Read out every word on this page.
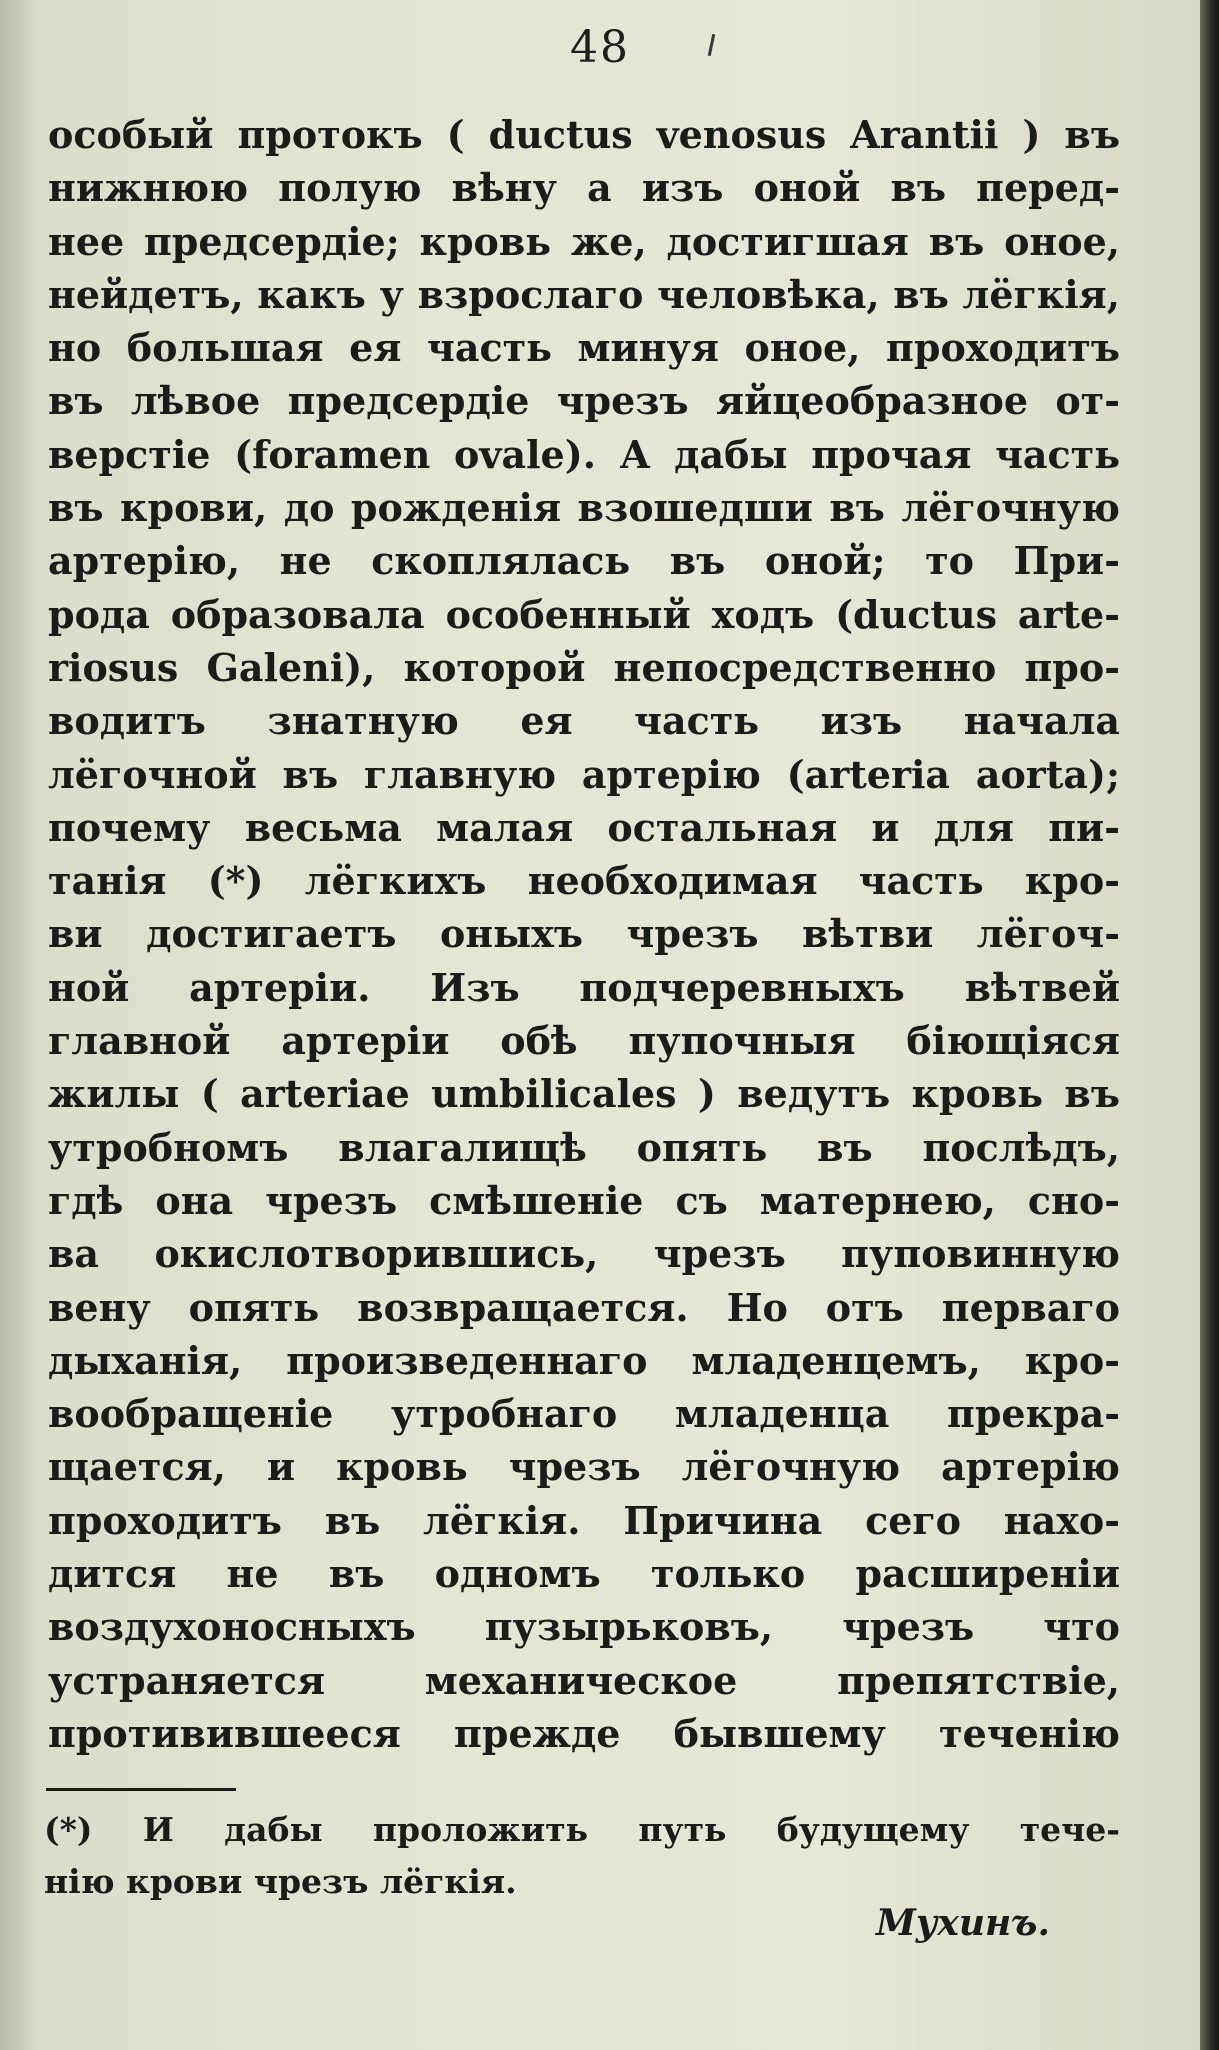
48
особый протокъ ( ductus venosus Arantii ) въ
нижнюю полую вѣну а изъ оной въ перед-
нее предсердіе; кровь же, достигшая въ оное,
нейдетъ, какъ у взрослаго человѣка, въ лёгкія,
но большая ея часть минуя оное, проходитъ
въ лѣвое предсердіе чрезъ яйцеобразное от-
верстіе (foramen ovale). А дабы прочая часть
въ крови, до рожденія взошедши въ лёгочную
артерію, не скоплялась въ оной; то При-
рода образовала особенный ходъ (ductus arte-
riosus Galeni), которой непосредственно про-
водитъ знатную ея часть изъ начала
лёгочной въ главную артерію (arteria aorta);
почему весьма малая остальная и для пи-
танія (*) лёгкихъ необходимая часть кро-
ви достигаетъ оныхъ чрезъ вѣтви лёгоч-
ной артеріи. Изъ подчеревныхъ вѣтвей
главной артеріи обѣ пупочныя біющіяся
жилы ( arteriae umbilicales ) ведутъ кровь въ
утробномъ влагалищѣ опять въ послѣдъ,
гдѣ она чрезъ смѣшеніе съ матернею, сно-
ва окислотворившись, чрезъ пуповинную
вену опять возвращается. Но отъ перваго
дыханія, произведеннаго младенцемъ, кро-
вообращеніе утробнаго младенца прекра-
щается, и кровь чрезъ лёгочную артерію
проходитъ въ лёгкія. Причина сего нахо-
дится не въ одномъ только расширеніи
воздухоносныхъ пузырьковъ, чрезъ что
устраняется механическое препятствіе,
противившееся прежде бывшему теченію
(*) И дабы проложить путь будущему тече-
нію крови чрезъ лёгкія.
Мухинъ.
